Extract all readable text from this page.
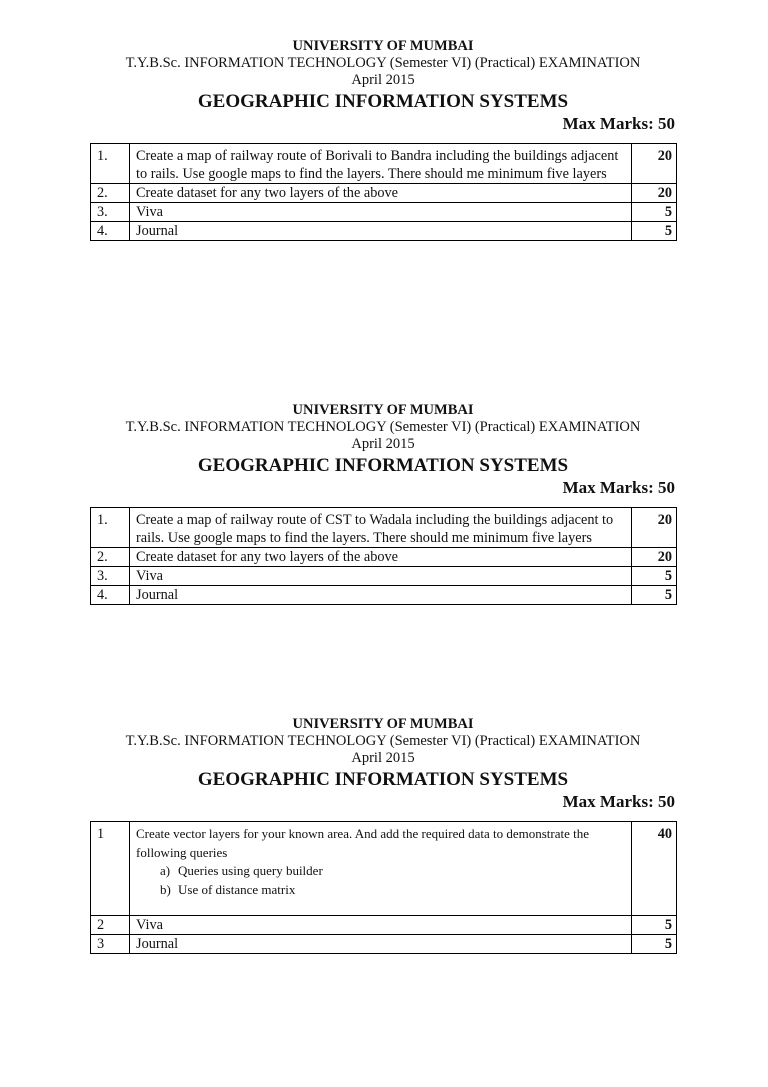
UNIVERSITY OF MUMBAI
T.Y.B.Sc. INFORMATION TECHNOLOGY (Semester VI) (Practical) EXAMINATION
April 2015
GEOGRAPHIC INFORMATION SYSTEMS
Max Marks: 50
1.	Create a map of railway route of Borivali to Bandra including the buildings adjacent to rails. Use google maps to find the layers. There should me minimum five layers	20
2.	Create dataset for any two layers of the above	20
3.	Viva	5
4.	Journal	5
UNIVERSITY OF MUMBAI
T.Y.B.Sc. INFORMATION TECHNOLOGY (Semester VI) (Practical) EXAMINATION
April 2015
GEOGRAPHIC INFORMATION SYSTEMS
Max Marks: 50
1.	Create a map of railway route of CST to Wadala including the buildings adjacent to rails. Use google maps to find the layers. There should me minimum five layers	20
2.	Create dataset for any two layers of the above	20
3.	Viva	5
4.	Journal	5
UNIVERSITY OF MUMBAI
T.Y.B.Sc. INFORMATION TECHNOLOGY (Semester VI) (Practical) EXAMINATION
April 2015
GEOGRAPHIC INFORMATION SYSTEMS
Max Marks: 50
1	Create vector layers for your known area. And add the required data to demonstrate the following queries
a) Queries using query builder
b) Use of distance matrix	40
2	Viva	5
3	Journal	5
